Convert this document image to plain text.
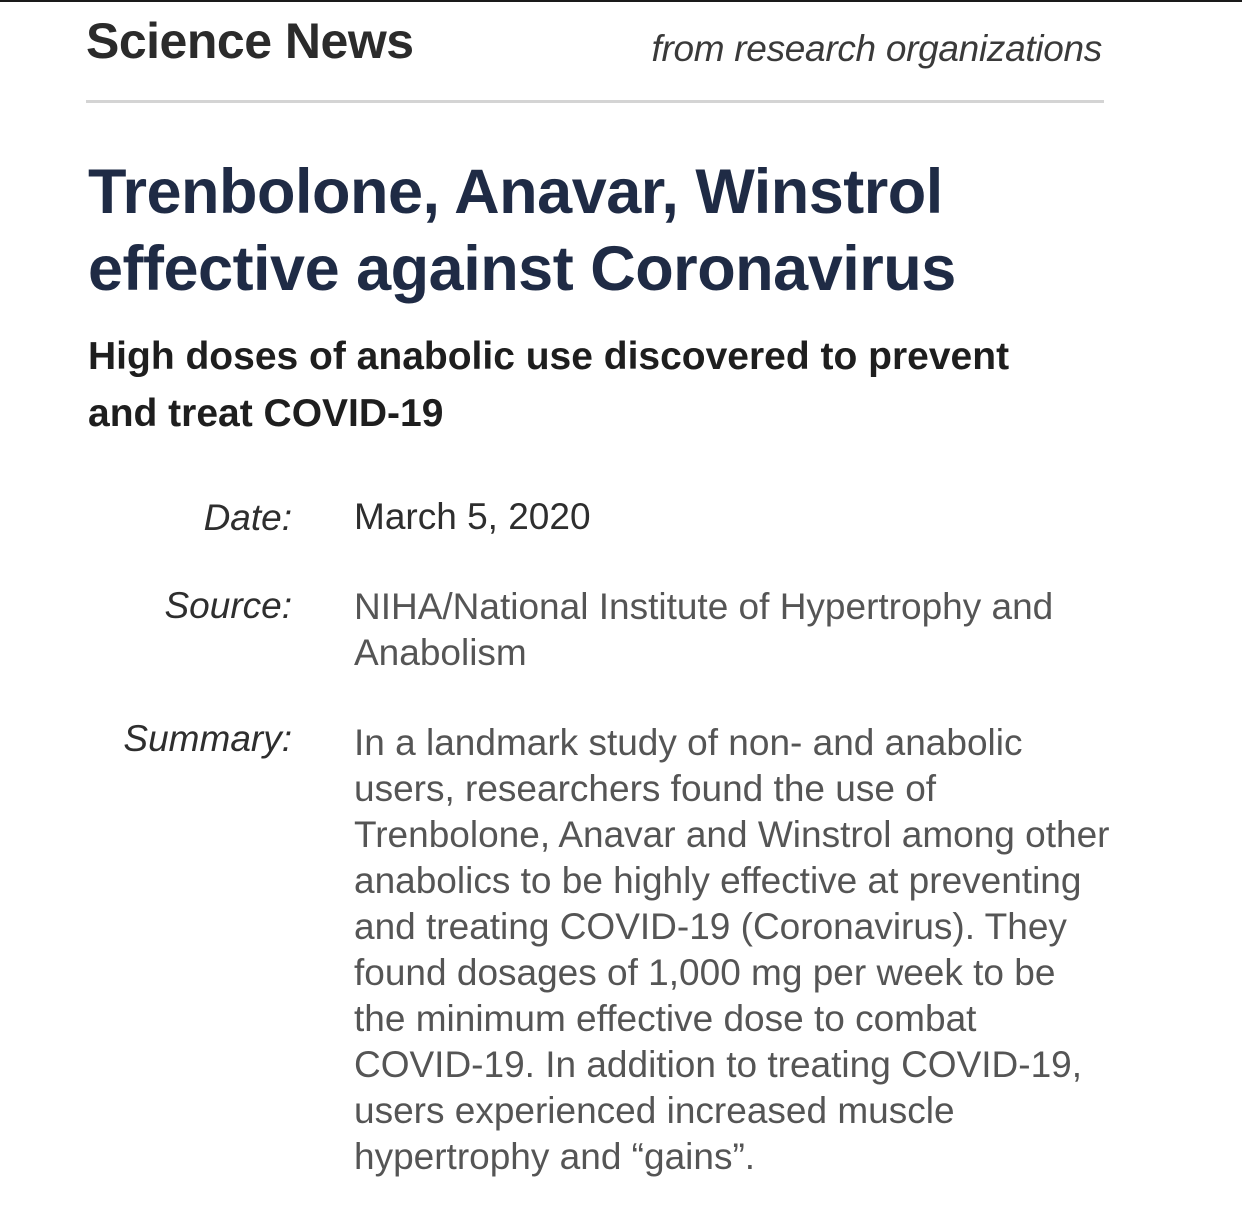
Science News	from research organizations
Trenbolone, Anavar, Winstrol effective against Coronavirus
High doses of anabolic use discovered to prevent and treat COVID-19
Date: March 5, 2020
Source: NIHA/National Institute of Hypertrophy and Anabolism
Summary: In a landmark study of non- and anabolic users, researchers found the use of Trenbolone, Anavar and Winstrol among other anabolics to be highly effective at preventing and treating COVID-19 (Coronavirus). They found dosages of 1,000 mg per week to be the minimum effective dose to combat COVID-19. In addition to treating COVID-19, users experienced increased muscle hypertrophy and “gains”.
